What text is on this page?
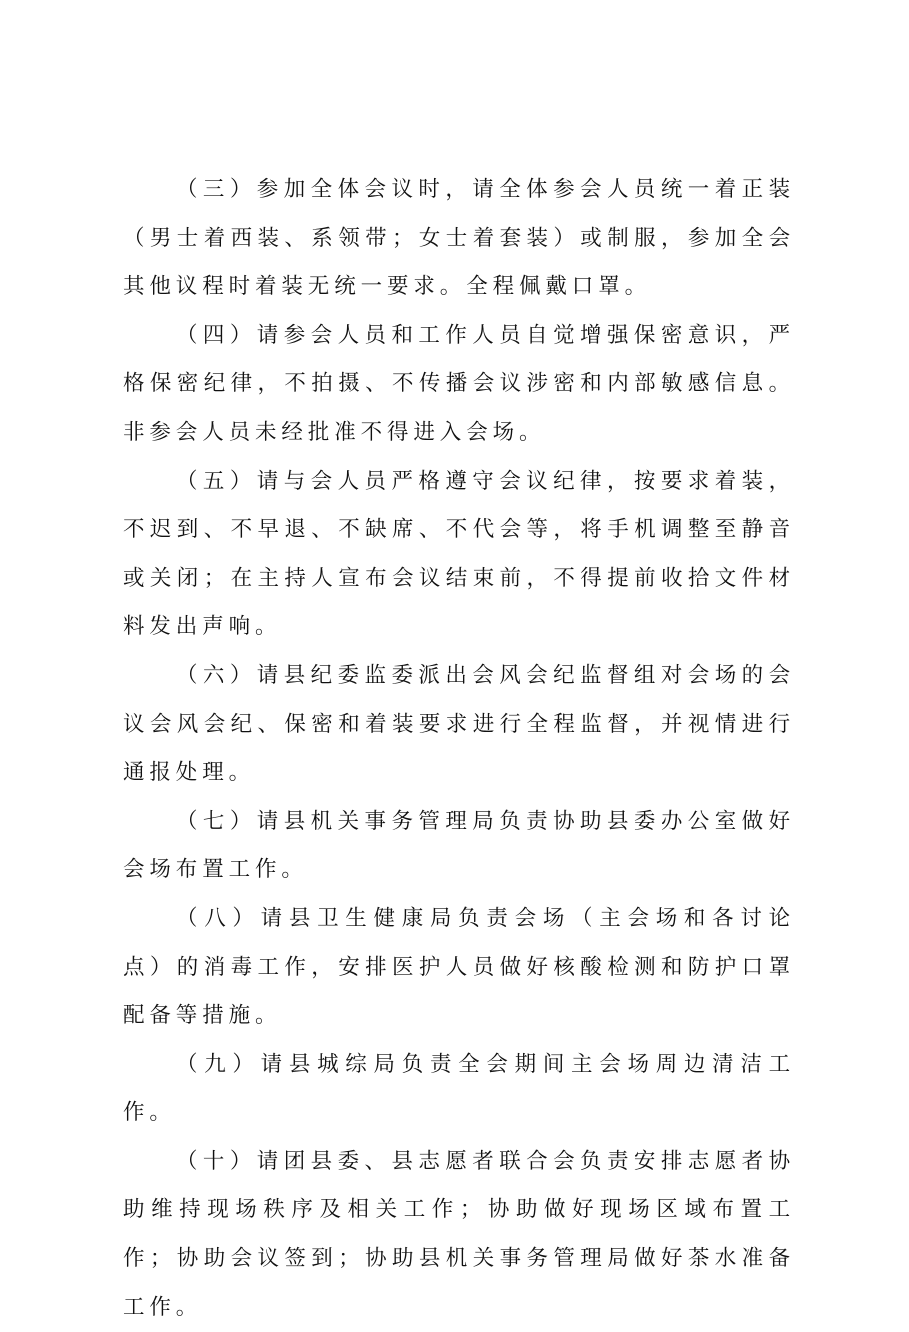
（三）参加全体会议时，请全体参会人员统一着正装（男士着西装、系领带；女士着套装）或制服，参加全会其他议程时着装无统一要求。全程佩戴口罩。

（四）请参会人员和工作人员自觉增强保密意识，严格保密纪律，不拍摄、不传播会议涉密和内部敏感信息。非参会人员未经批准不得进入会场。

（五）请与会人员严格遵守会议纪律，按要求着装，不迟到、不早退、不缺席、不代会等，将手机调整至静音或关闭；在主持人宣布会议结束前，不得提前收拾文件材料发出声响。

（六）请县纪委监委派出会风会纪监督组对会场的会议会风会纪、保密和着装要求进行全程监督，并视情进行通报处理。

（七）请县机关事务管理局负责协助县委办公室做好会场布置工作。

（八）请县卫生健康局负责会场（主会场和各讨论点）的消毒工作，安排医护人员做好核酸检测和防护口罩配备等措施。

（九）请县城综局负责全会期间主会场周边清洁工作。

（十）请团县委、县志愿者联合会负责安排志愿者协助维持现场秩序及相关工作；协助做好现场区域布置工作；协助会议签到；协助县机关事务管理局做好茶水准备工作。
